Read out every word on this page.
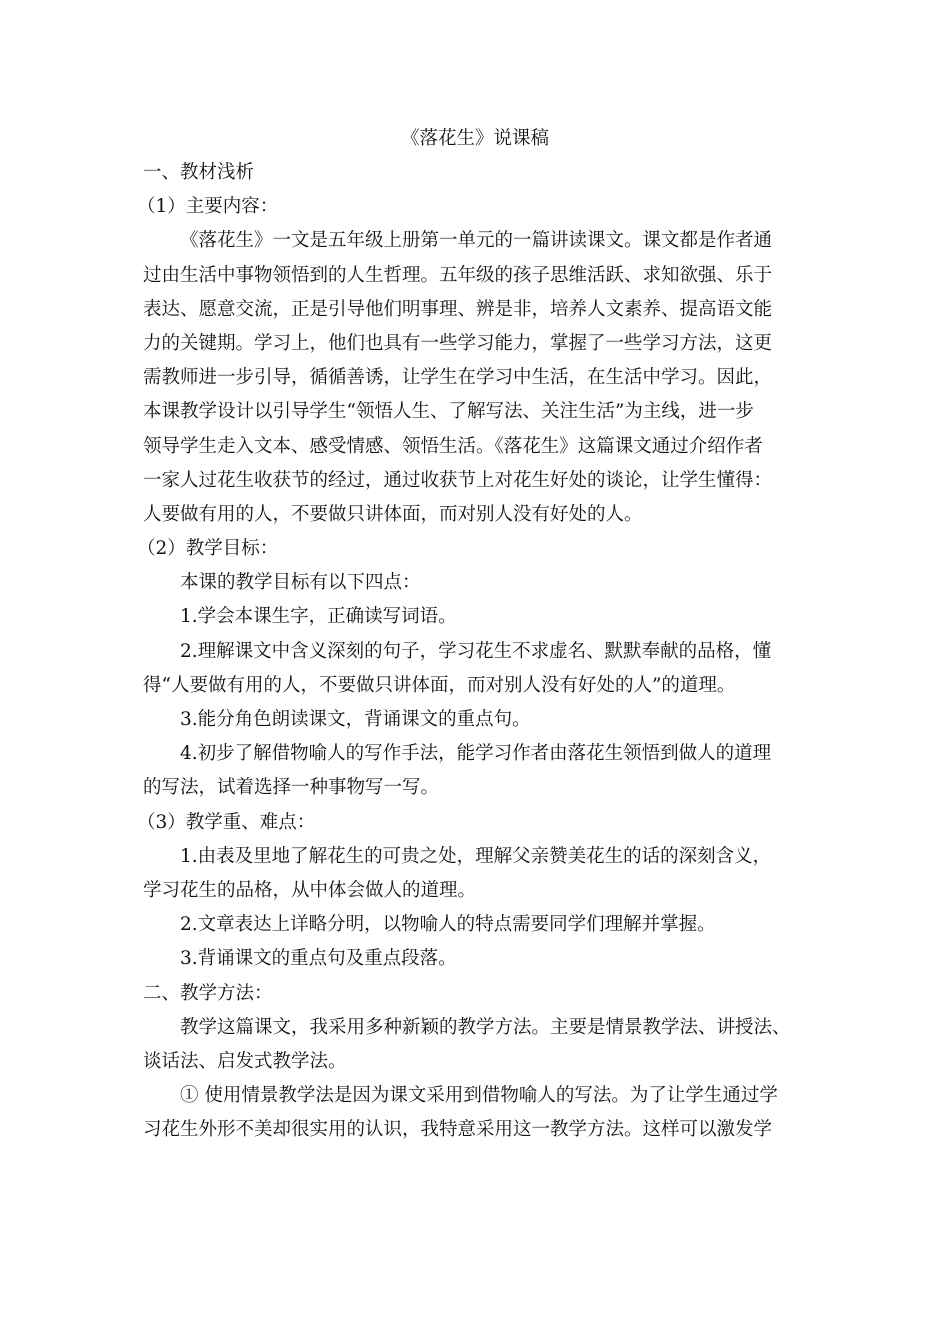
《落花生》说课稿
一、教材浅析
（1）主要内容：
《落花生》一文是五年级上册第一单元的一篇讲读课文。课文都是作者通
过由生活中事物领悟到的人生哲理。五年级的孩子思维活跃、求知欲强、乐于
表达、愿意交流，正是引导他们明事理、辨是非，培养人文素养、提高语文能
力的关键期。学习上，他们也具有一些学习能力，掌握了一些学习方法，这更
需教师进一步引导，循循善诱，让学生在学习中生活，在生活中学习。因此，
本课教学设计以引导学生“领悟人生、了解写法、关注生活”为主线，进一步
领导学生走入文本、感受情感、领悟生活。《落花生》这篇课文通过介绍作者
一家人过花生收获节的经过，通过收获节上对花生好处的谈论，让学生懂得：
人要做有用的人，不要做只讲体面，而对别人没有好处的人。
（2）教学目标：
本课的教学目标有以下四点：
1.学会本课生字，正确读写词语。
2.理解课文中含义深刻的句子，学习花生不求虚名、默默奉献的品格，懂
得“人要做有用的人，不要做只讲体面，而对别人没有好处的人”的道理。
3.能分角色朗读课文，背诵课文的重点句。
4.初步了解借物喻人的写作手法，能学习作者由落花生领悟到做人的道理
的写法，试着选择一种事物写一写。
（3）教学重、难点：
1.由表及里地了解花生的可贵之处，理解父亲赞美花生的话的深刻含义，
学习花生的品格，从中体会做人的道理。
2.文章表达上详略分明，以物喻人的特点需要同学们理解并掌握。
3.背诵课文的重点句及重点段落。
二、教学方法：
教学这篇课文，我采用多种新颖的教学方法。主要是情景教学法、讲授法、
谈话法、启发式教学法。
① 使用情景教学法是因为课文采用到借物喻人的写法。为了让学生通过学
习花生外形不美却很实用的认识，我特意采用这一教学方法。这样可以激发学
